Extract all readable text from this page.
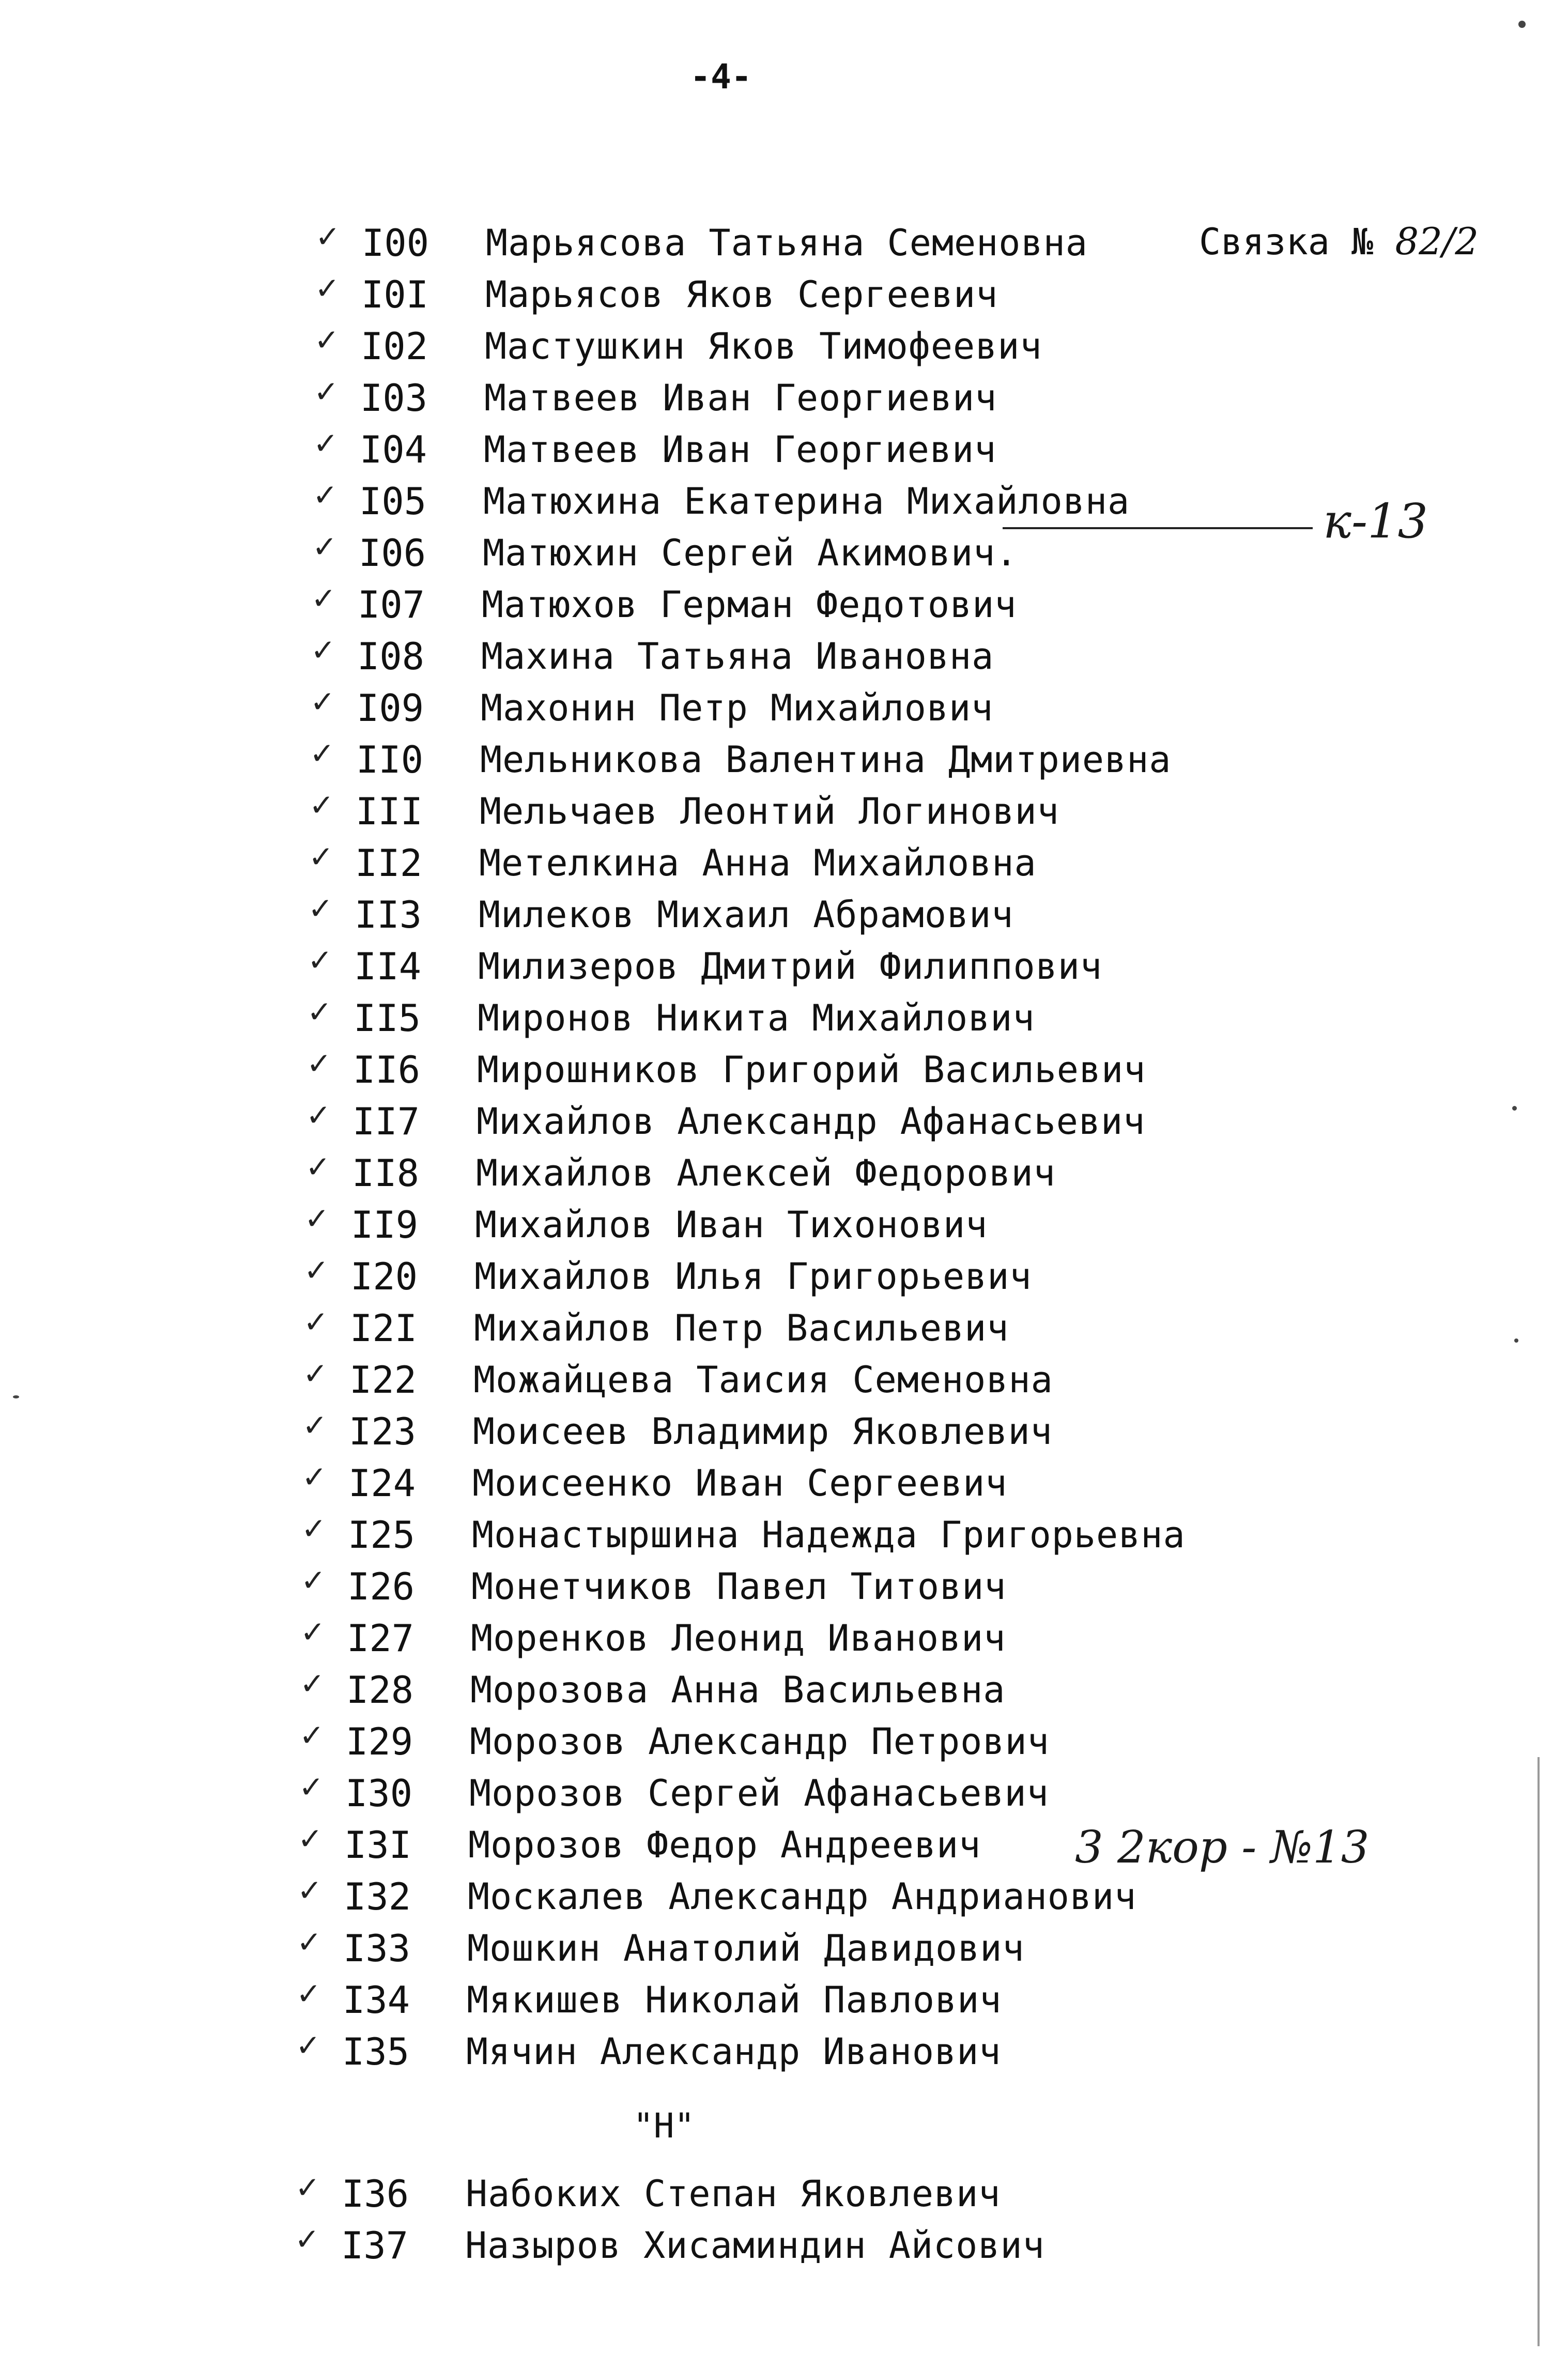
-4-
Связка № 82/2
к-13
3 2кор - №13
✓ I00 Марьясова Татьяна Семеновна
✓ I0I Марьясов Яков Сергеевич
✓ I02 Мастушкин Яков Тимофеевич
✓ I03 Матвеев Иван Георгиевич
✓ I04 Матвеев Иван Георгиевич
✓ I05 Матюхина Екатерина Михайловна
✓ I06 Матюхин Сергей Акимович.
✓ I07 Матюхов Герман Федотович
✓ I08 Махина Татьяна Ивановна
✓ I09 Махонин Петр Михайлович
✓ II0 Мельникова Валентина Дмитриевна
✓ III Мельчаев Леонтий Логинович
✓ II2 Метелкина Анна Михайловна
✓ II3 Милеков Михаил Абрамович
✓ II4 Милизеров Дмитрий Филиппович
✓ II5 Миронов Никита Михайлович
✓ II6 Мирошников Григорий Васильевич
✓ II7 Михайлов Александр Афанасьевич
✓ II8 Михайлов Алексей Федорович
✓ II9 Михайлов Иван Тихонович
✓ I20 Михайлов Илья Григорьевич
✓ I2I Михайлов Петр Васильевич
✓ I22 Можайцева Таисия Семеновна
✓ I23 Моисеев Владимир Яковлевич
✓ I24 Моисеенко Иван Сергеевич
✓ I25 Монастыршина Надежда Григорьевна
✓ I26 Монетчиков Павел Титович
✓ I27 Моренков Леонид Иванович
✓ I28 Морозова Анна Васильевна
✓ I29 Морозов Александр Петрович
✓ I30 Морозов Сергей Афанасьевич
✓ I3I Морозов Федор Андреевич
✓ I32 Москалев Александр Андрианович
✓ I33 Мошкин Анатолий Давидович
✓ I34 Мякишев Николай Павлович
✓ I35 Мячин Александр Иванович
✓ I36 Набоких Степан Яковлевич
✓ I37 Назыров Хисаминдин Айсович
"Н"
